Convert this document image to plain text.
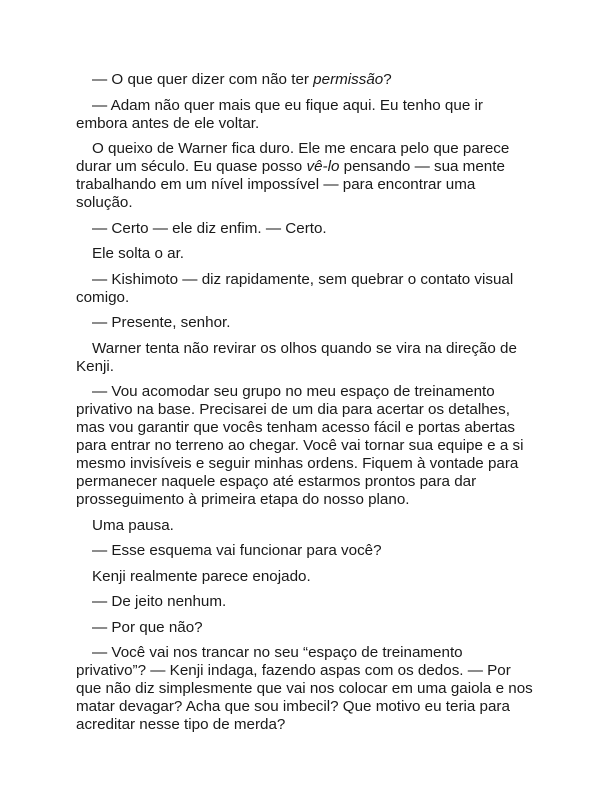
— O que quer dizer com não ter permissão?

— Adam não quer mais que eu fique aqui. Eu tenho que ir embora antes de ele voltar.

O queixo de Warner fica duro. Ele me encara pelo que parece durar um século. Eu quase posso vê-lo pensando — sua mente trabalhando em um nível impossível — para encontrar uma solução.

— Certo — ele diz enfim. — Certo.

Ele solta o ar.

— Kishimoto — diz rapidamente, sem quebrar o contato visual comigo.

— Presente, senhor.

Warner tenta não revirar os olhos quando se vira na direção de Kenji.

— Vou acomodar seu grupo no meu espaço de treinamento privativo na base. Precisarei de um dia para acertar os detalhes, mas vou garantir que vocês tenham acesso fácil e portas abertas para entrar no terreno ao chegar. Você vai tornar sua equipe e a si mesmo invisíveis e seguir minhas ordens. Fiquem à vontade para permanecer naquele espaço até estarmos prontos para dar prosseguimento à primeira etapa do nosso plano.

Uma pausa.

— Esse esquema vai funcionar para você?

Kenji realmente parece enojado.

— De jeito nenhum.

— Por que não?

— Você vai nos trancar no seu “espaço de treinamento privativo”? — Kenji indaga, fazendo aspas com os dedos. — Por que não diz simplesmente que vai nos colocar em uma gaiola e nos matar devagar? Acha que sou imbecil? Que motivo eu teria para acreditar nesse tipo de merda?
